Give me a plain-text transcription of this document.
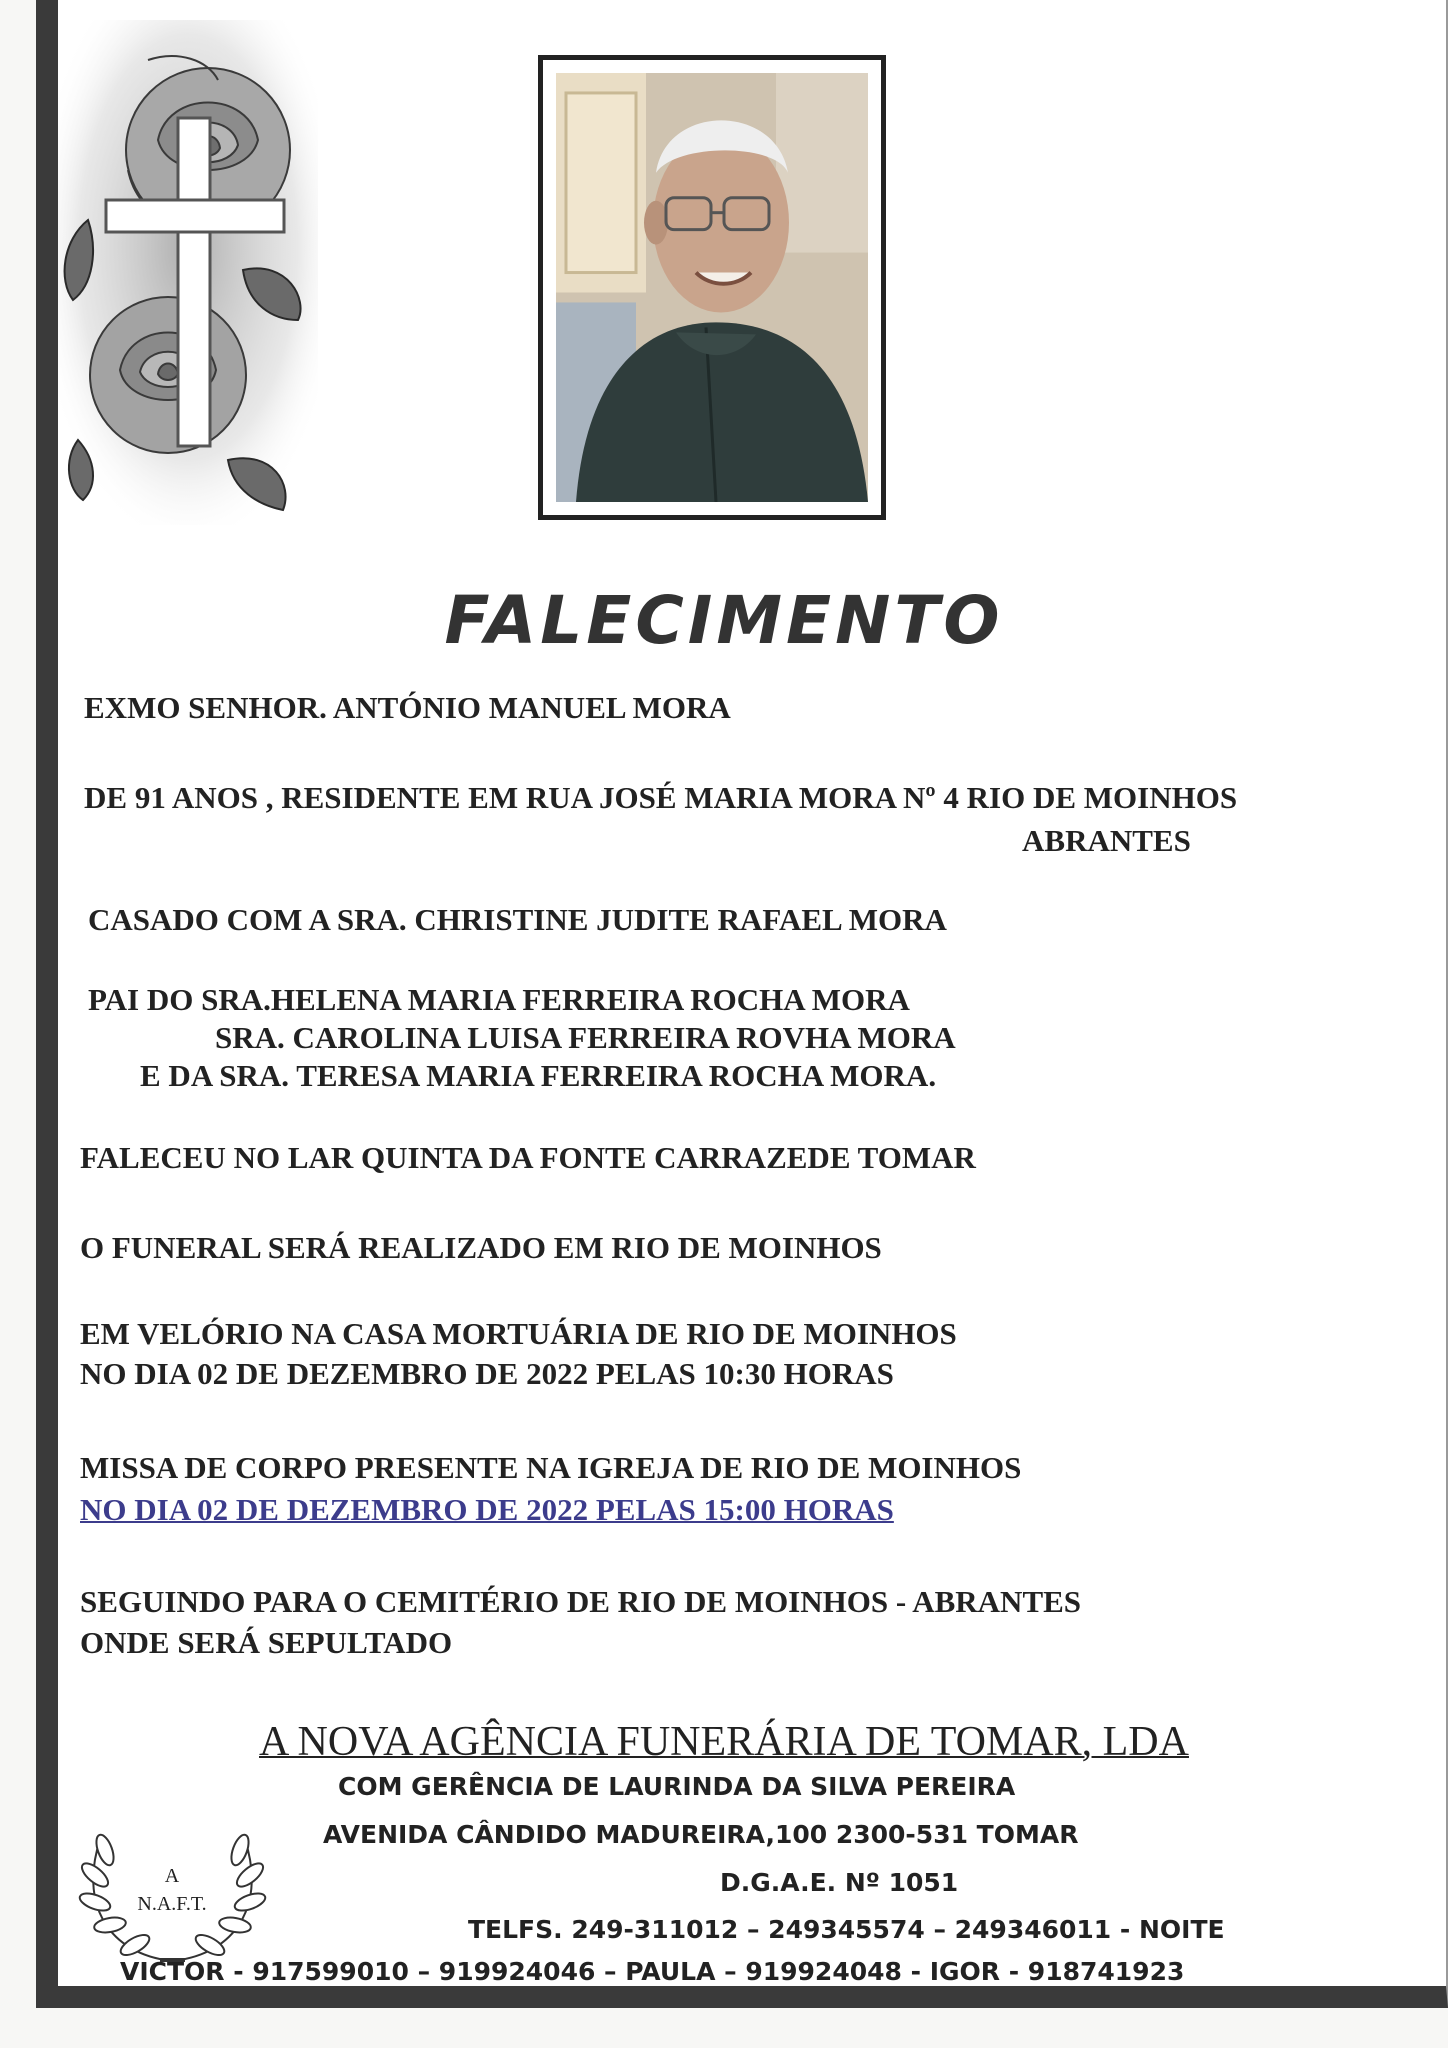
FALECIMENTO
EXMO SENHOR. ANTÓNIO MANUEL MORA
DE 91 ANOS , RESIDENTE EM RUA JOSÉ MARIA MORA Nº 4 RIO DE MOINHOS
ABRANTES
CASADO COM A SRA. CHRISTINE JUDITE RAFAEL MORA
PAI DO SRA.HELENA MARIA FERREIRA ROCHA MORA
SRA. CAROLINA LUISA FERREIRA ROVHA MORA
E DA SRA. TERESA MARIA FERREIRA ROCHA MORA.
FALECEU NO LAR QUINTA DA FONTE CARRAZEDE TOMAR
O FUNERAL SERÁ REALIZADO EM RIO DE MOINHOS
EM VELÓRIO NA CASA MORTUÁRIA DE RIO DE MOINHOS
NO DIA 02 DE DEZEMBRO DE 2022 PELAS 10:30 HORAS
MISSA DE CORPO PRESENTE NA IGREJA DE RIO DE MOINHOS
NO DIA 02 DE DEZEMBRO DE 2022 PELAS 15:00 HORAS
SEGUINDO PARA O CEMITÉRIO DE RIO DE MOINHOS - ABRANTES
ONDE SERÁ SEPULTADO
A NOVA AGÊNCIA FUNERÁRIA DE TOMAR, LDA
COM GERÊNCIA DE LAURINDA DA SILVA PEREIRA
AVENIDA CÂNDIDO MADUREIRA,100 2300-531 TOMAR
D.G.A.E. Nº 1051
TELFS. 249-311012 – 249345574 – 249346011 - NOITE
VICTOR - 917599010 – 919924046 – PAULA – 919924048 - IGOR - 918741923
A
N.A.F.T.
